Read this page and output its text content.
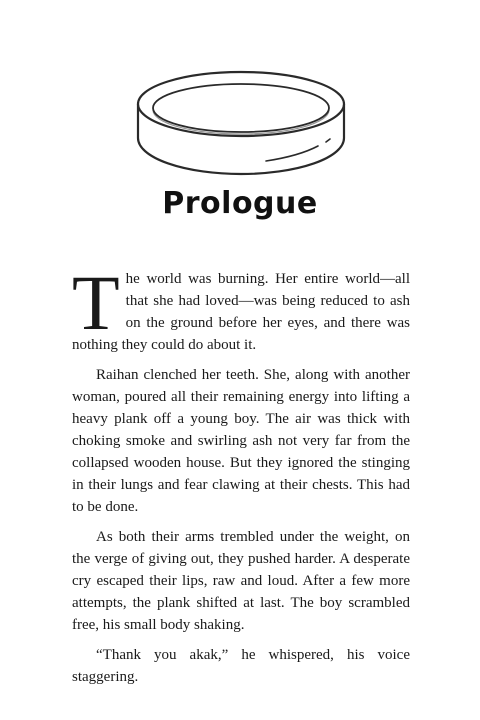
Prologue

The world was burning. Her entire world—all that she had loved—was being reduced to ash on the ground before her eyes, and there was nothing they could do about it.

Raihan clenched her teeth. She, along with another woman, poured all their remaining energy into lifting a heavy plank off a young boy. The air was thick with choking smoke and swirling ash not very far from the collapsed wooden house. But they ignored the stinging in their lungs and fear clawing at their chests. This had to be done.

As both their arms trembled under the weight, on the verge of giving out, they pushed harder. A desperate cry escaped their lips, raw and loud. After a few more attempts, the plank shifted at last. The boy scrambled free, his small body shaking.

“Thank you akak,” he whispered, his voice staggering.
